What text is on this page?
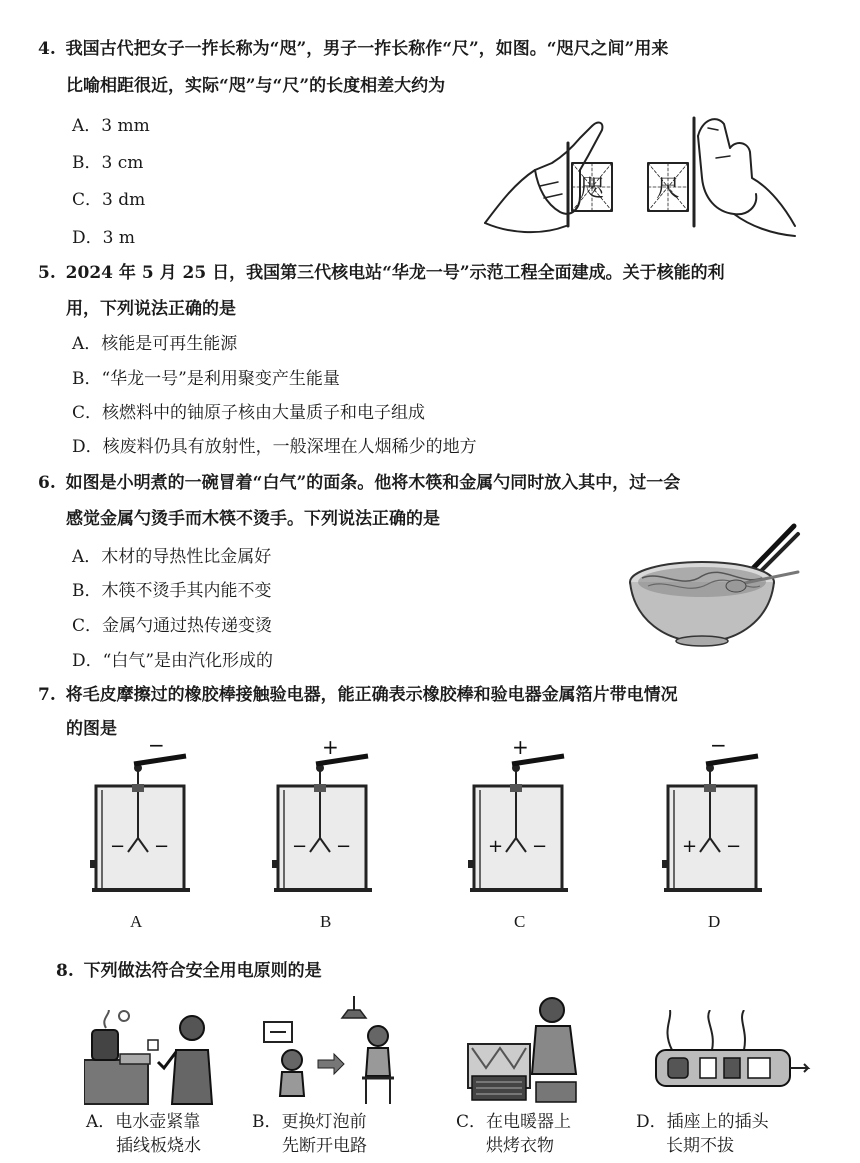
4. 我国古代把女子一拃长称为“咫”，男子一拃长称作“尺”，如图。“咫尺之间”用来
比喻相距很近，实际“咫”与“尺”的长度相差大约为
A．3 mm
B．3 cm
C．3 dm
D．3 m
咫 尺
5. 2024 年 5 月 25 日，我国第三代核电站“华龙一号”示范工程全面建成。关于核能的利
用，下列说法正确的是
A．核能是可再生能源
B．“华龙一号”是利用聚变产生能量
C．核燃料中的铀原子核由大量质子和电子组成
D．核废料仍具有放射性，一般深埋在人烟稀少的地方
6. 如图是小明煮的一碗冒着“白气”的面条。他将木筷和金属勺同时放入其中，过一会
感觉金属勺烫手而木筷不烫手。下列说法正确的是
A．木材的导热性比金属好
B．木筷不烫手其内能不变
C．金属勺通过热传递变烫
D．“白气”是由汽化形成的
7. 将毛皮摩擦过的橡胶棒接触验电器，能正确表示橡胶棒和验电器金属箔片带电情况
的图是
−
− −
A
+
− −
B
+
+ −
C
−
+ −
D
8. 下列做法符合安全用电原则的是
A．电水壶紧靠
插线板烧水
B．更换灯泡前
先断开电路
C．在电暖器上
烘烤衣物
D．插座上的插头
长期不拔
